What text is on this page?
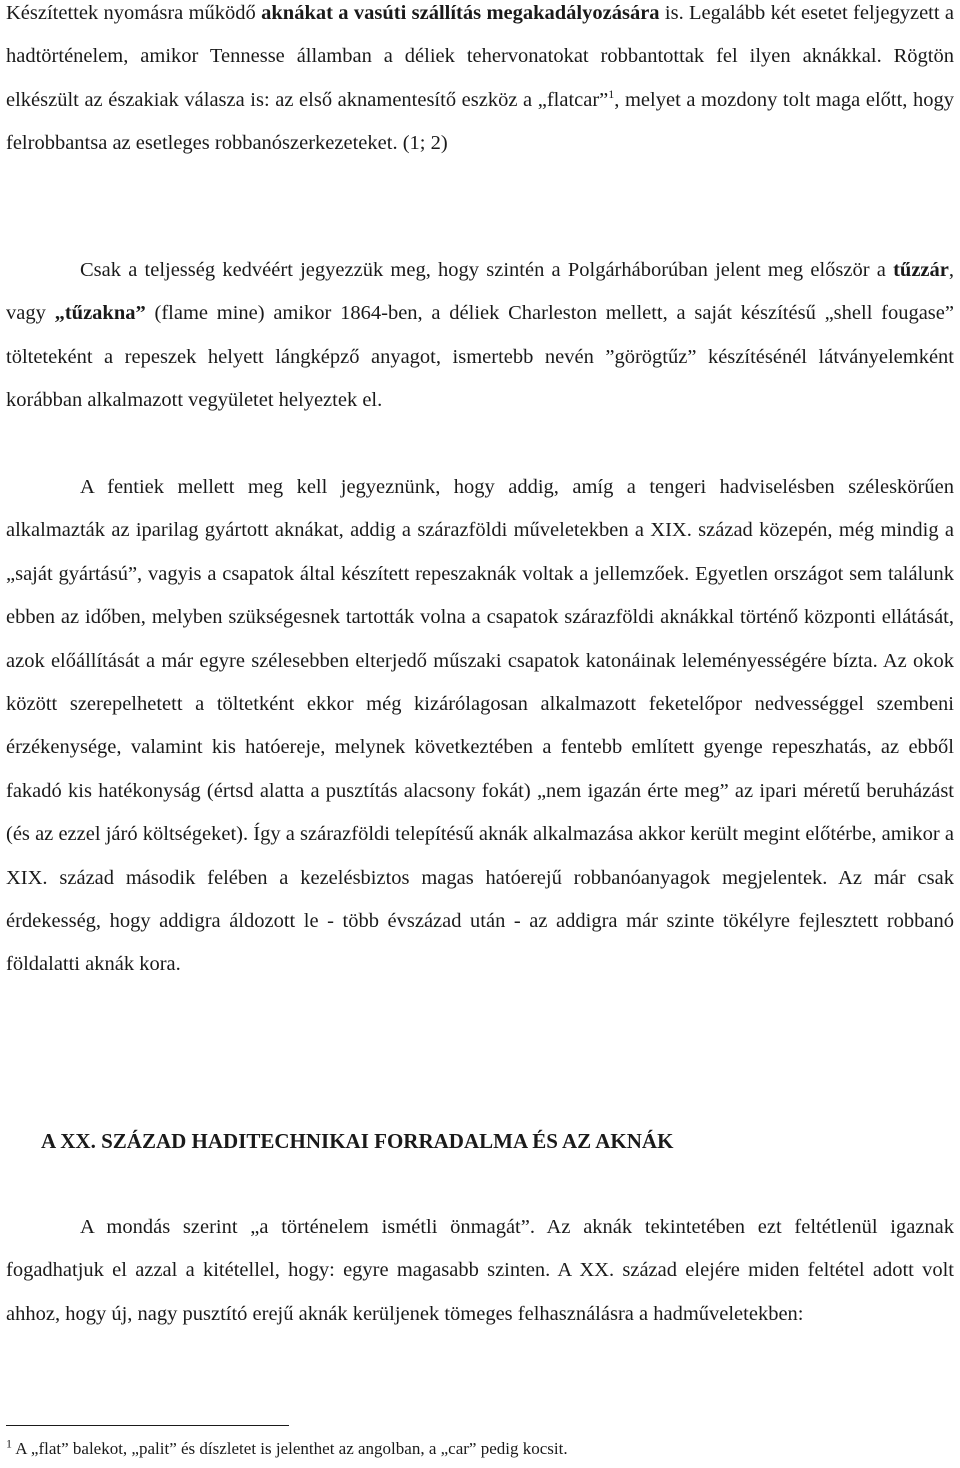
Készítettek nyomásra működő aknákat a vasúti szállítás megakadályozására is. Legalább két esetet feljegyzett a hadtörténelem, amikor Tennesse államban a déliek tehervonatokat robbantottak fel ilyen aknákkal. Rögtön elkészült az északiak válasza is: az első aknamentesítő eszköz a „flatcar”$^1$, melyet a mozdony tolt maga előtt, hogy felrobbantsa az esetleges robbanószerkezeteket. (1; 2)

Csak a teljesség kedvéért jegyezzük meg, hogy szintén a Polgárháborúban jelent meg először a tűzzár, vagy „tűzakna” (flame mine) amikor 1864-ben, a déliek Charleston mellett, a saját készítésű „shell fougase” tölteteként a repeszek helyett lángképző anyagot, ismertebb nevén ”görögtűz” készítésénél látványelemként korábban alkalmazott vegyületet helyeztek el.

A fentiek mellett meg kell jegyeznünk, hogy addig, amíg a tengeri hadviselésben széleskörűen alkalmazták az iparilag gyártott aknákat, addig a szárazföldi műveletekben a XIX. század közepén, még mindig a „saját gyártású”, vagyis a csapatok által készített repeszaknák voltak a jellemzőek. Egyetlen országot sem találunk ebben az időben, melyben szükségesnek tartották volna a csapatok szárazföldi aknákkal történő központi ellátását, azok előállítását a már egyre szélesebben elterjedő műszaki csapatok katonáinak leleményességére bízta. Az okok között szerepelhetett a töltetként ekkor még kizárólagosan alkalmazott feketelőpor nedvességgel szembeni érzékenysége, valamint kis hatóereje, melynek következtében a fentebb említett gyenge repeszhatás, az ebből fakadó kis hatékonyság (értsd alatta a pusztítás alacsony fokát) „nem igazán érte meg” az ipari méretű beruházást (és az ezzel járó költségeket). Így a szárazföldi telepítésű aknák alkalmazása akkor került megint előtérbe, amikor a XIX. század második felében a kezelésbiztos magas hatóerejű robbanóanyagok megjelentek. Az már csak érdekesség, hogy addigra áldozott le - több évszázad után - az addigra már szinte tökélyre fejlesztett robbanó földalatti aknák kora.

A XX. SZÁZAD HADITECHNIKAI FORRADALMA ÉS AZ AKNÁK

A mondás szerint „a történelem ismétli önmagát”. Az aknák tekintetében ezt feltétlenül igaznak fogadhatjuk el azzal a kitétellel, hogy: egyre magasabb szinten. A XX. század elejére miden feltétel adott volt ahhoz, hogy új, nagy pusztító erejű aknák kerüljenek tömeges felhasználásra a hadműveletekben:

$^1$ A „flat” balekot, „palit” és díszletet is jelenthet az angolban, a „car” pedig kocsit.
